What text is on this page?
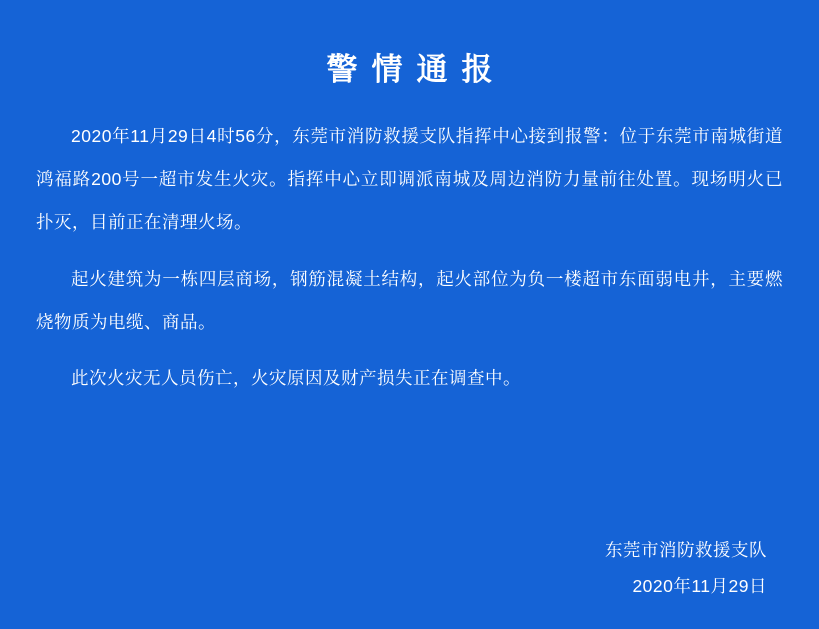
警情通报

2020年11月29日4时56分，东莞市消防救援支队指挥中心接到报警：位于东莞市南城街道鸿福路200号一超市发生火灾。指挥中心立即调派南城及周边消防力量前往处置。现场明火已扑灭，目前正在清理火场。

起火建筑为一栋四层商场，钢筋混凝土结构，起火部位为负一楼超市东面弱电井，主要燃烧物质为电缆、商品。

此次火灾无人员伤亡，火灾原因及财产损失正在调查中。

东莞市消防救援支队
2020年11月29日
